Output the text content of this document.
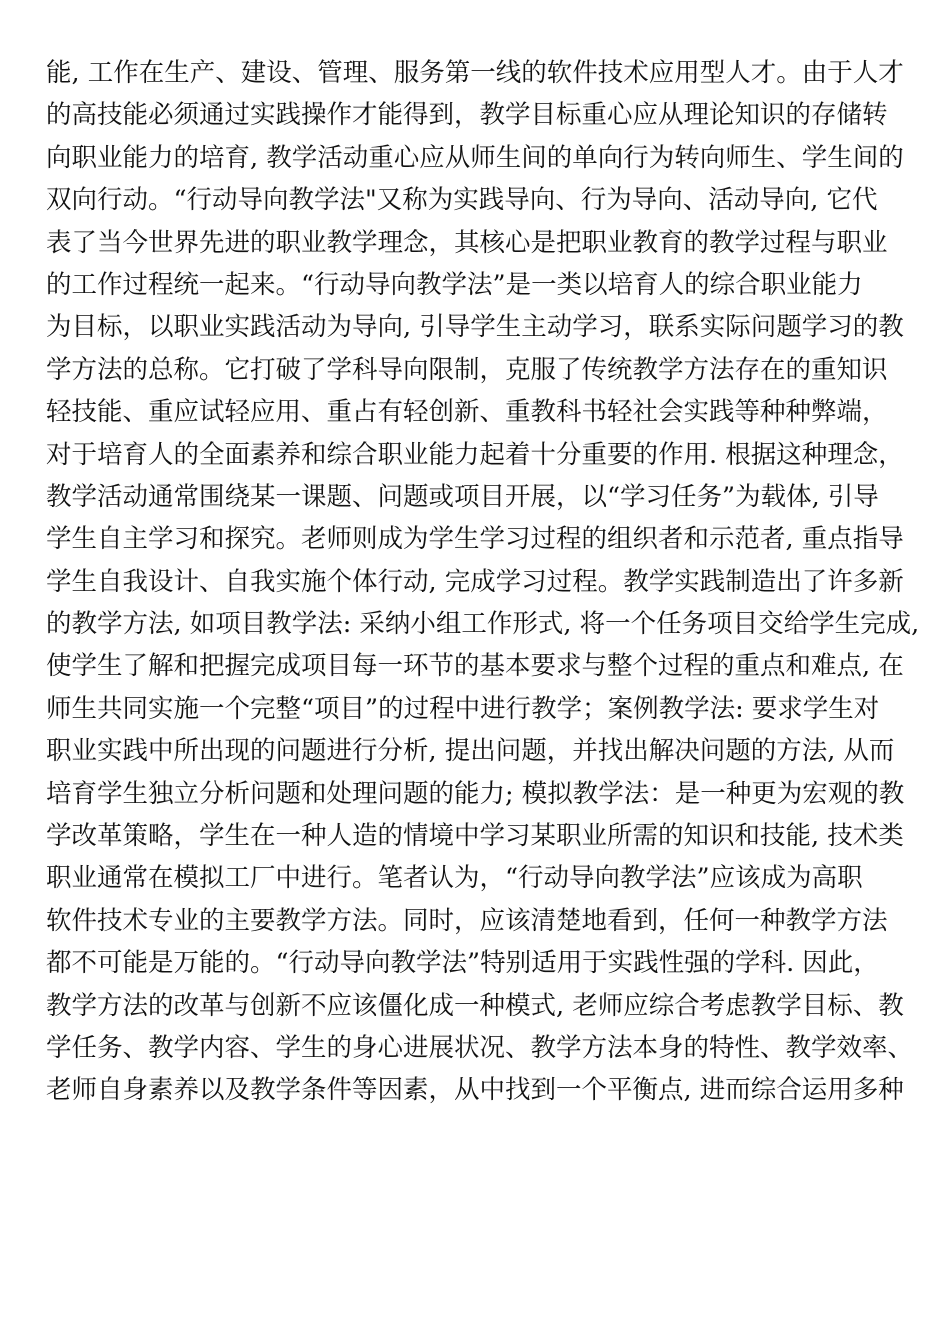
能, 工作在生产、建设、管理、服务第一线的软件技术应用型人才。由于人才
的高技能必须通过实践操作才能得到，教学目标重心应从理论知识的存储转
向职业能力的培育, 教学活动重心应从师生间的单向行为转向师生、学生间的
双向行动。“行动导向教学法"又称为实践导向、行为导向、活动导向, 它代
表了当今世界先进的职业教学理念，其核心是把职业教育的教学过程与职业
的工作过程统一起来。“行动导向教学法”是一类以培育人的综合职业能力
为目标，以职业实践活动为导向, 引导学生主动学习，联系实际问题学习的教
学方法的总称。它打破了学科导向限制，克服了传统教学方法存在的重知识
轻技能、重应试轻应用、重占有轻创新、重教科书轻社会实践等种种弊端，
对于培育人的全面素养和综合职业能力起着十分重要的作用. 根据这种理念，
教学活动通常围绕某一课题、问题或项目开展，以“学习任务”为载体, 引导
学生自主学习和探究。老师则成为学生学习过程的组织者和示范者, 重点指导
学生自我设计、自我实施个体行动, 完成学习过程。教学实践制造出了许多新
的教学方法, 如项目教学法: 采纳小组工作形式, 将一个任务项目交给学生完成,
使学生了解和把握完成项目每一环节的基本要求与整个过程的重点和难点, 在
师生共同实施一个完整“项目”的过程中进行教学；案例教学法: 要求学生对
职业实践中所出现的问题进行分析, 提出问题，并找出解决问题的方法, 从而
培育学生独立分析问题和处理问题的能力; 模拟教学法：是一种更为宏观的教
学改革策略，学生在一种人造的情境中学习某职业所需的知识和技能, 技术类
职业通常在模拟工厂中进行。笔者认为，“行动导向教学法”应该成为高职
软件技术专业的主要教学方法。同时，应该清楚地看到，任何一种教学方法
都不可能是万能的。“行动导向教学法”特别适用于实践性强的学科. 因此，
教学方法的改革与创新不应该僵化成一种模式, 老师应综合考虑教学目标、教
学任务、教学内容、学生的身心进展状况、教学方法本身的特性、教学效率、
老师自身素养以及教学条件等因素，从中找到一个平衡点, 进而综合运用多种
